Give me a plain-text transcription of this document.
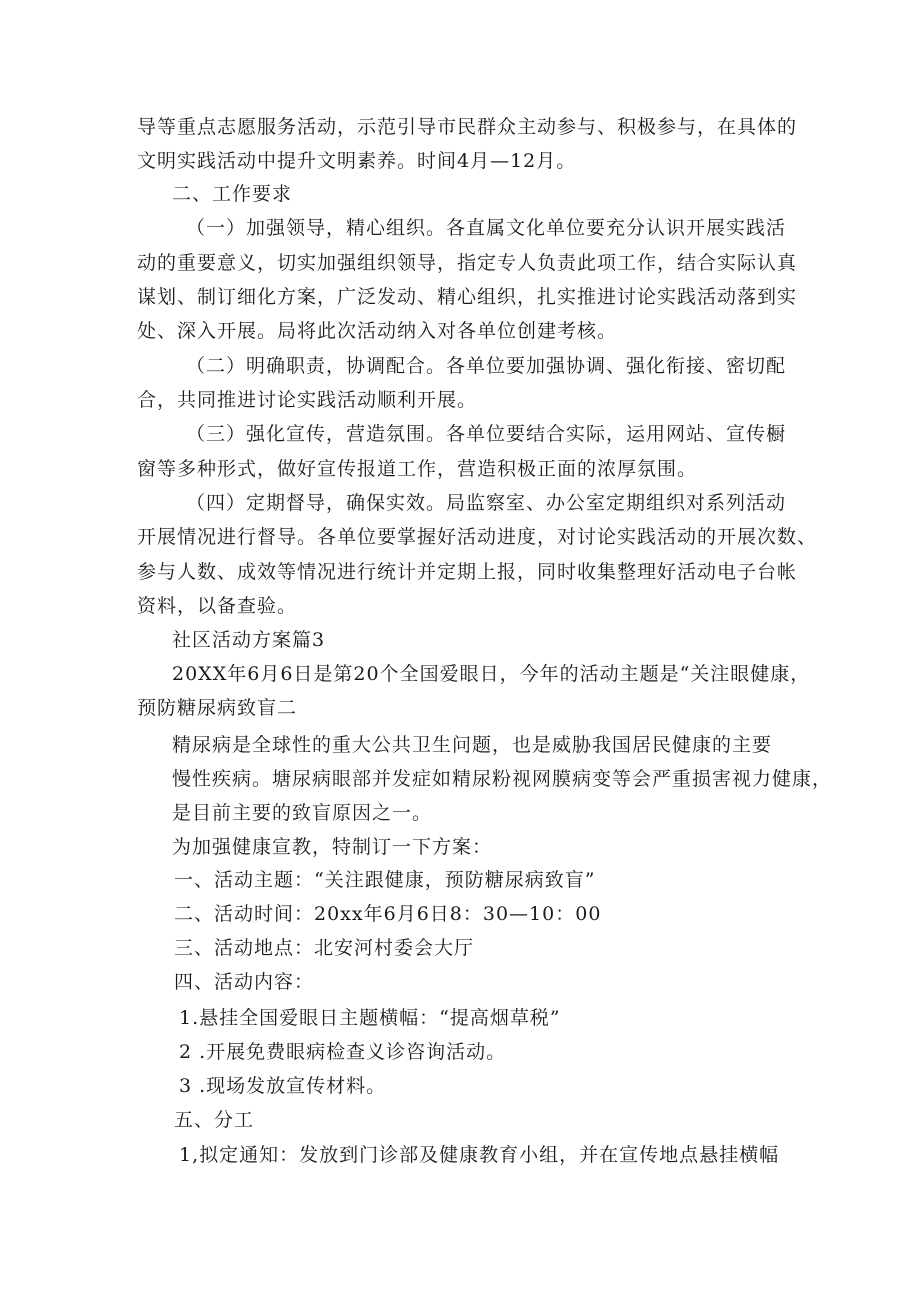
导等重点志愿服务活动，示范引导市民群众主动参与、积极参与，在具体的
文明实践活动中提升文明素养。时间4月—12月。
二、工作要求
（一）加强领导，精心组织。各直属文化单位要充分认识开展实践活
动的重要意义，切实加强组织领导，指定专人负责此项工作，结合实际认真
谋划、制订细化方案，广泛发动、精心组织，扎实推进讨论实践活动落到实
处、深入开展。局将此次活动纳入对各单位创建考核。
（二）明确职责，协调配合。各单位要加强协调、强化衔接、密切配
合，共同推进讨论实践活动顺利开展。
（三）强化宣传，营造氛围。各单位要结合实际，运用网站、宣传橱
窗等多种形式，做好宣传报道工作，营造积极正面的浓厚氛围。
（四）定期督导，确保实效。局监察室、办公室定期组织对系列活动
开展情况进行督导。各单位要掌握好活动进度，对讨论实践活动的开展次数、
参与人数、成效等情况进行统计并定期上报，同时收集整理好活动电子台帐
资料，以备查验。
社区活动方案篇3
20XX年6月6日是第20个全国爱眼日，今年的活动主题是“关注眼健康，
预防糖尿病致盲二
精尿病是全球性的重大公共卫生问题，也是威胁我国居民健康的主要
慢性疾病。塘尿病眼部并发症如精尿粉视网膜病变等会严重损害视力健康，
是目前主要的致盲原因之一。
为加强健康宣教，特制订一下方案：
一、活动主题：“关注跟健康，预防糖尿病致盲”
二、活动时间：20xx年6月6日8：30—10：00
三、活动地点：北安河村委会大厅
四、活动内容：
1.悬挂全国爱眼日主题横幅：“提高烟草税”
2 .开展免费眼病检查义诊咨询活动。
3 .现场发放宣传材料。
五、分工
1,拟定通知：发放到门诊部及健康教育小组，并在宣传地点悬挂横幅
